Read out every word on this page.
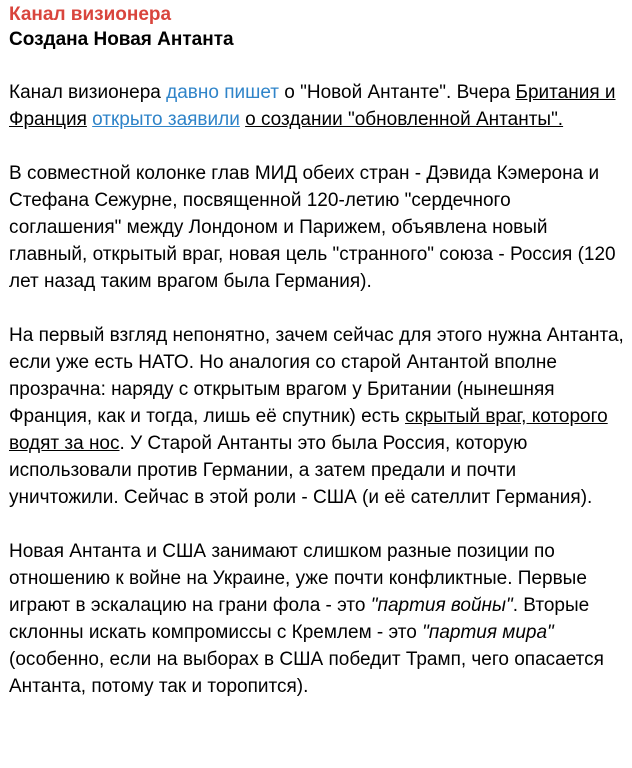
Канал визионера
Создана Новая Антанта

Канал визионера давно пишет о "Новой Антанте". Вчера Британия и Франция открыто заявили о создании "обновленной Антанты".

В совместной колонке глав МИД обеих стран - Дэвида Кэмерона и Стефана Сежурне, посвященной 120-летию "сердечного соглашения" между Лондоном и Парижем, объявлена новый главный, открытый враг, новая цель "странного" союза - Россия (120 лет назад таким врагом была Германия).

На первый взгляд непонятно, зачем сейчас для этого нужна Антанта, если уже есть НАТО. Но аналогия со старой Антантой вполне прозрачна: наряду с открытым врагом у Британии (нынешняя Франция, как и тогда, лишь её спутник) есть скрытый враг, которого водят за нос. У Старой Антанты это была Россия, которую использовали против Германии, а затем предали и почти уничтожили. Сейчас в этой роли - США (и её сателлит Германия).

Новая Антанта и США занимают слишком разные позиции по отношению к войне на Украине, уже почти конфликтные. Первые играют в эскалацию на грани фола - это "партия войны". Вторые склонны искать компромиссы с Кремлем - это "партия мира" (особенно, если на выборах в США победит Трамп, чего опасается Антанта, потому так и торопится).
